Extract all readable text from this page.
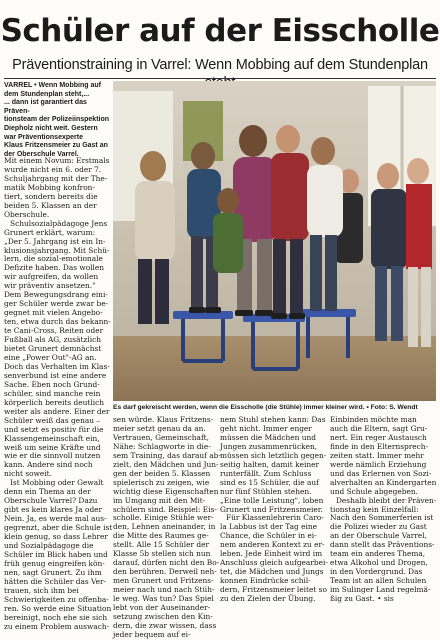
Schüler auf der Eisscholle
Präventionstraining in Varrel: Wenn Mobbing auf dem Stundenplan
VARREL • Wenn Mobbing auf
dem Stundenplan steht,...
... dann ist garantiert das Präven-
tionsteam der Polizeiinspektion
Diepholz nicht weit. Gestern
war Präventionsexperte
Klaus Fritzensmeier zu Gast an
der Oberschule Varrel.

Mit einem Novum: Erstmals
wurde nicht ein 6. oder 7.
Schuljahrgang mit der The-
matik Mobbing konfron-
tiert, sondern bereits die
beiden 5. Klassen an der
Oberschule.

Schulsozialpädagoge Jens
Grunert erklärt, warum:
„Der 5. Jahrgang ist ein In-
klusionsjahrgang. Mit Schü-
lern, die sozial-emotionale
Defizite haben. Das wollen
wir aufgreifen, da wollen
wir präventiv ansetzen."
Dem Bewegungsdrang eini-
ger Schüler werde zwar be-
gegnet mit vielen Angebo-
ten, etwa durch das bekann-
te Cani-Cross, Reiten oder
Fußball als AG, zusätzlich
bietet Grunert demnächst
eine „Power Out"-AG an.
Doch das Verhalten im Klas-
senverbund ist eine andere
Sache. Eben noch Grund-
schüler, sind manche rein
körperlich bereits deutlich
weiter als andere. Einer der
Schüler weiß das genau –
und setzt es positiv für die
Klassengemeinschaft ein,
weiß um seine Kräfte und
wie er die sinnvoll nutzen
kann. Andere sind noch
nicht soweit.

Ist Mobbing oder Gewalt
denn ein Thema an der
Oberschule Varrel? Dazu
gibt es kein klares Ja oder
Nein. Ja, es werde mal aus-
gegrenzt, aber die Schule ist
klein genug, so dass Lehrer
und Sozialpädagoge die
Schüler im Blick haben und
früh genug eingreifen kön-
nen, sagt Grunert. Zu ihm
hätten die Schüler das Ver-
trauen, sich ihm bei
Schwierigkeiten zu offenba-
ren. So werde eine Situation
bereinigt, noch ehe sie sich
zu einem Problem auswach-

Es darf gekreischt werden, wenn die Eisscholle (die Stühle) immer kleiner wird. • Foto: S. Wendt

sen würde. Klaus Fritzens-
meier setzt genau da an.
Vertrauen, Gemeinschaft,
Nähe: Schlagworte in die-
sem Training, das darauf ab-
zielt, den Mädchen und Jun-
gen der beiden 5. Klassen
spielerisch zu zeigen, wie
wichtig diese Eigenschaften
im Umgang mit den Mit-
schülern sind. Beispiel: Eis-
scholle. Einige Stühle wer-
den, Lehnen aneinander, in
die Mitte des Raumes ge-
stellt. Alle 15 Schüler der
Klasse 5b stellen sich nun
darauf, dürfen nicht den Bo-
den berühren. Derweil neh-
men Grunert und Fritzens-
meier nach und nach Stüh-
le weg. Was tun? Das Spiel
lebt von der Auseinander-
setzung zwischen den Kin-
dern, die zwar wissen, dass
jeder bequem auf ei-

nem Stuhl stehen kann: Das
geht nicht. Immer enger
müssen die Mädchen und
Jungen zusammenrücken,
müssen sich letztlich gegen-
seitig halten, damit keiner
runterfällt. Zum Schluss
sind es 15 Schüler, die auf
nur fünf Stühlen stehen.
„Eine tolle Leistung", loben
Grunert und Fritzensmeier.

Für Klassenlehrerin Caro-
la Labbus ist der Tag eine
Chance, die Schüler in ei-
nem anderen Kontext zu er-
leben. Jede Einheit wird im
Anschluss gleich aufgearbei-
tet, die Mädchen und Jungs
konnen Eindrücke schil-
dern, Fritzensmeier leitet so
zu den Zielen der Übung.

Einbinden möchte man
auch die Eltern, sagt Gru-
nert. Ein reger Austausch
finde in den Elternsprech-
zeiten statt. Immer mehr
werde nämlich Erziehung
und das Erlernen von Sozi-
alverhalten an Kindergarten
und Schule abgegeben.

Deshalb bleibt der Präven-
tionstag kein Einzelfall:
Nach den Sommerferien ist
die Polizei wieder zu Gast
an der Oberschule Varrel,
dann stellt das Präventions-
team ein anderes Thema,
etwa Alkohol und Drogen,
in den Vordergrund. Das
Team ist an allen Schulen
im Sulinger Land regelmä-
ßig zu Gast. • sis
